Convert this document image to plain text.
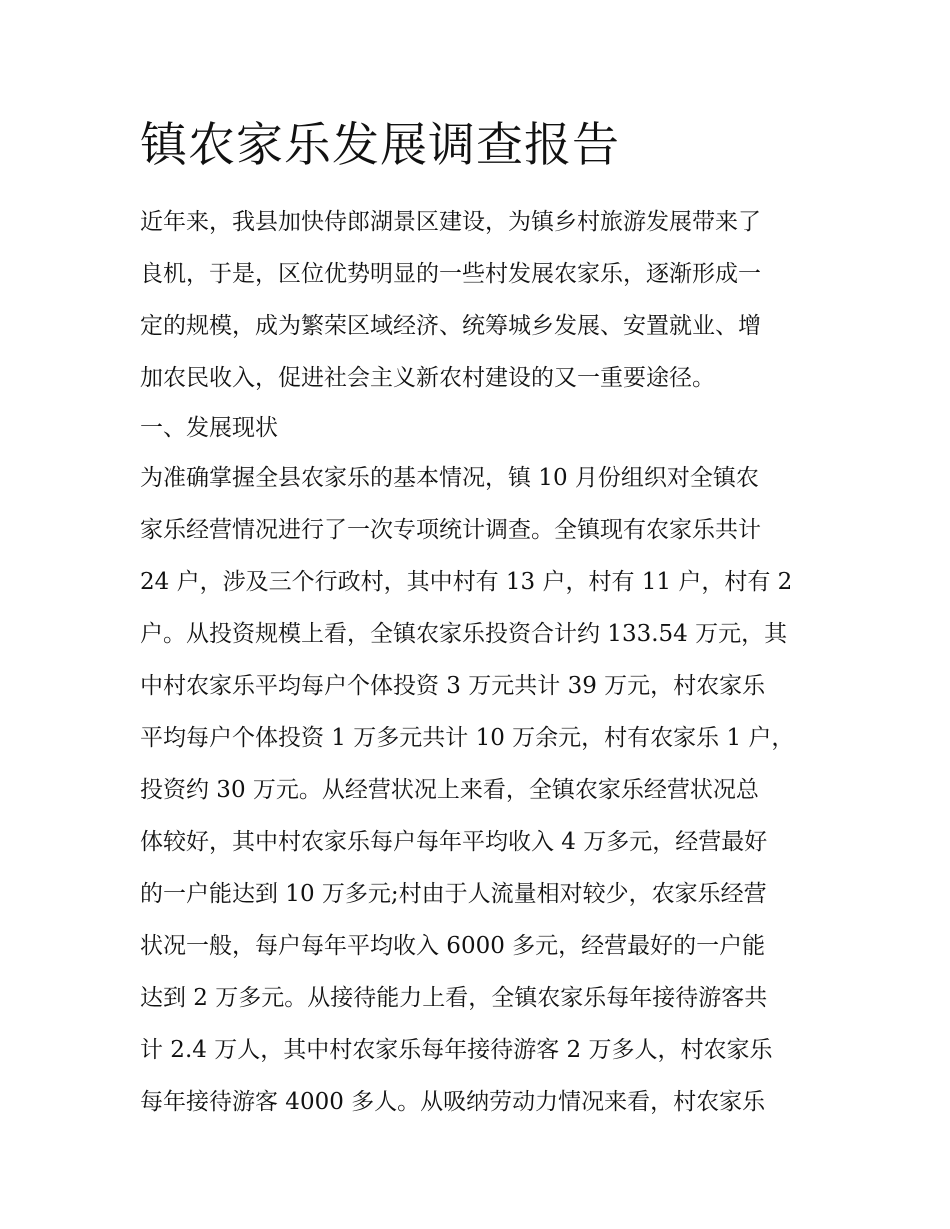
镇农家乐发展调查报告
近年来，我县加快侍郎湖景区建设，为镇乡村旅游发展带来了
良机，于是，区位优势明显的一些村发展农家乐，逐渐形成一
定的规模，成为繁荣区域经济、统筹城乡发展、安置就业、增
加农民收入，促进社会主义新农村建设的又一重要途径。
一、发展现状
为准确掌握全县农家乐的基本情况，镇 10 月份组织对全镇农
家乐经营情况进行了一次专项统计调查。全镇现有农家乐共计
24 户，涉及三个行政村，其中村有 13 户，村有 11 户，村有 2
户。从投资规模上看，全镇农家乐投资合计约 133.54 万元，其
中村农家乐平均每户个体投资 3 万元共计 39 万元，村农家乐
平均每户个体投资 1 万多元共计 10 万余元，村有农家乐 1 户，
投资约 30 万元。从经营状况上来看，全镇农家乐经营状况总
体较好，其中村农家乐每户每年平均收入 4 万多元，经营最好
的一户能达到 10 万多元;村由于人流量相对较少，农家乐经营
状况一般，每户每年平均收入 6000 多元，经营最好的一户能
达到 2 万多元。从接待能力上看，全镇农家乐每年接待游客共
计 2.4 万人，其中村农家乐每年接待游客 2 万多人，村农家乐
每年接待游客 4000 多人。从吸纳劳动力情况来看，村农家乐
